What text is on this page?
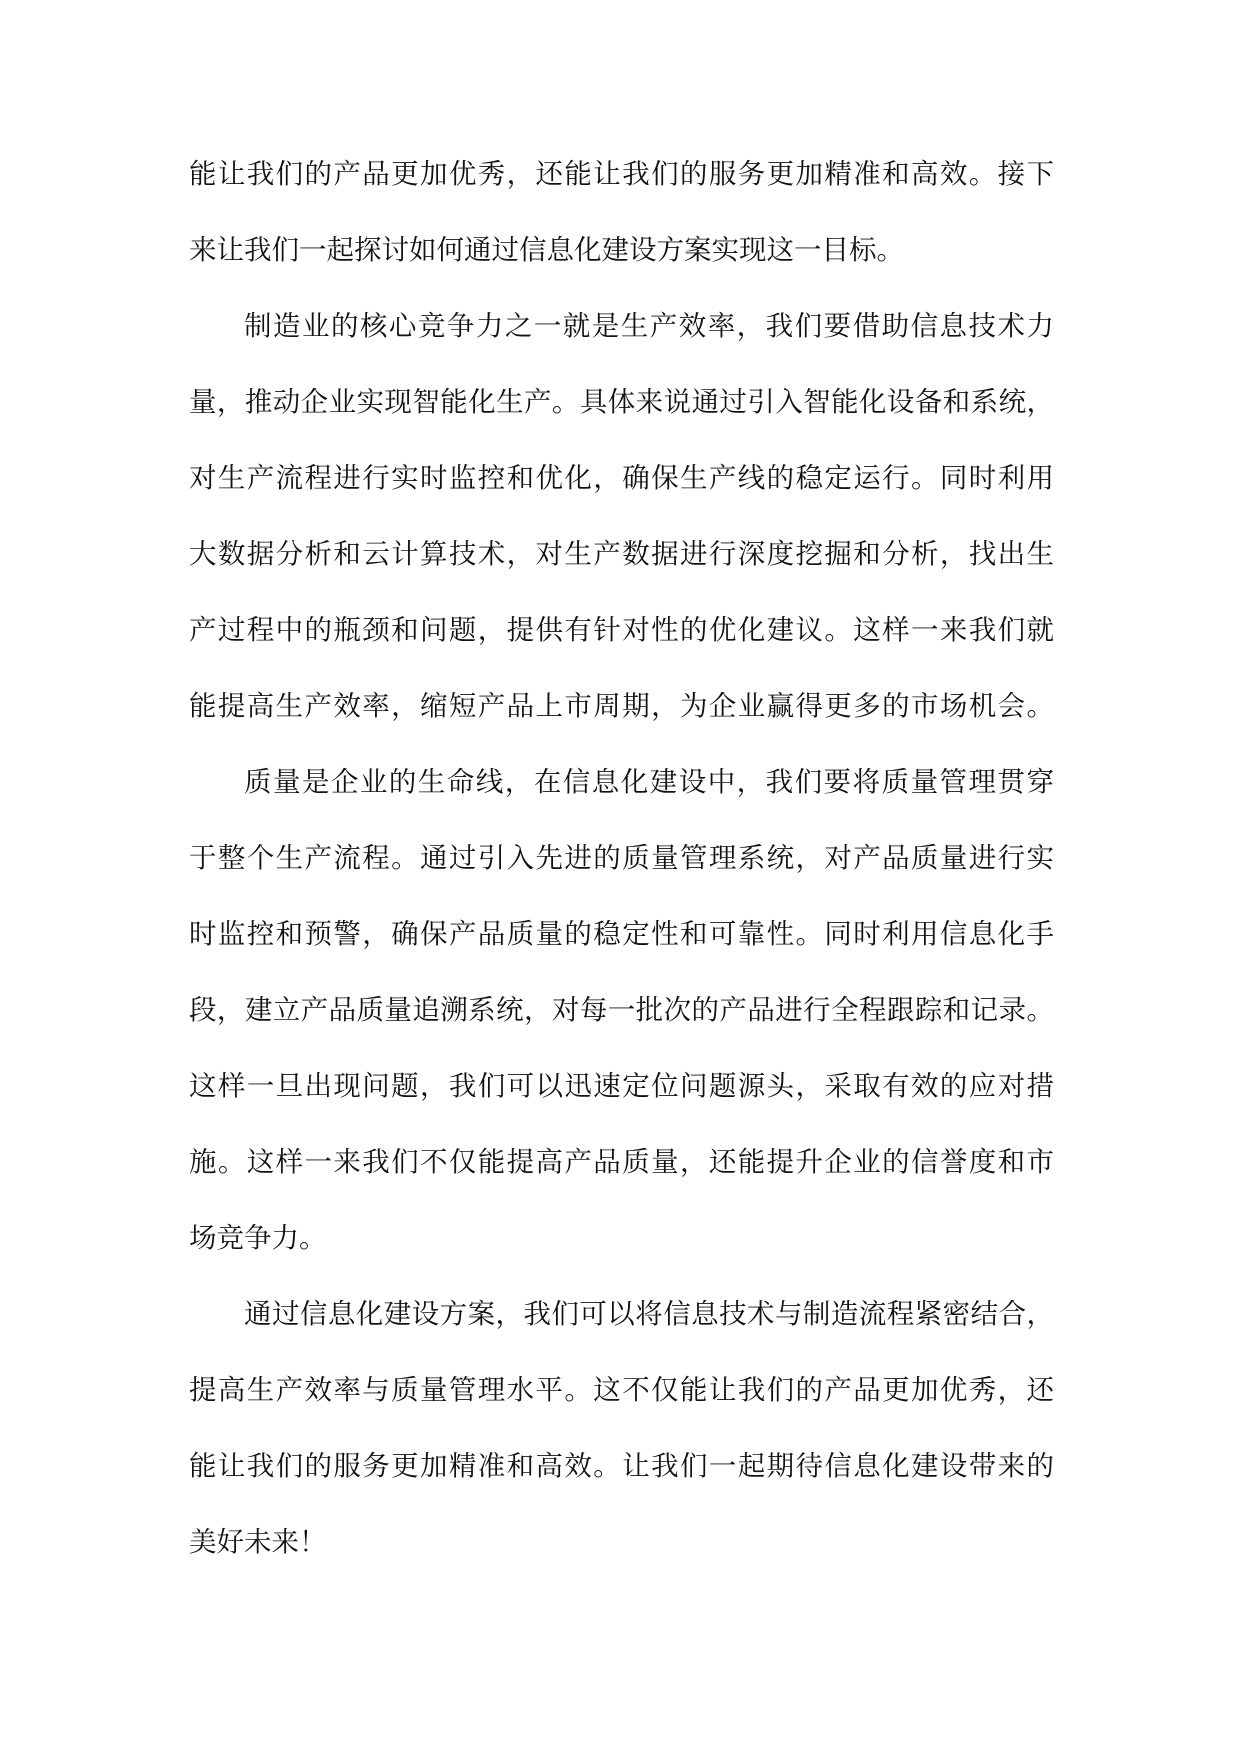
能让我们的产品更加优秀，还能让我们的服务更加精准和高效。接下
来让我们一起探讨如何通过信息化建设方案实现这一目标。
制造业的核心竞争力之一就是生产效率，我们要借助信息技术力
量，推动企业实现智能化生产。具体来说通过引入智能化设备和系统，
对生产流程进行实时监控和优化，确保生产线的稳定运行。同时利用
大数据分析和云计算技术，对生产数据进行深度挖掘和分析，找出生
产过程中的瓶颈和问题，提供有针对性的优化建议。这样一来我们就
能提高生产效率，缩短产品上市周期，为企业赢得更多的市场机会。
质量是企业的生命线，在信息化建设中，我们要将质量管理贯穿
于整个生产流程。通过引入先进的质量管理系统，对产品质量进行实
时监控和预警，确保产品质量的稳定性和可靠性。同时利用信息化手
段，建立产品质量追溯系统，对每一批次的产品进行全程跟踪和记录。
这样一旦出现问题，我们可以迅速定位问题源头，采取有效的应对措
施。这样一来我们不仅能提高产品质量，还能提升企业的信誉度和市
场竞争力。
通过信息化建设方案，我们可以将信息技术与制造流程紧密结合，
提高生产效率与质量管理水平。这不仅能让我们的产品更加优秀，还
能让我们的服务更加精准和高效。让我们一起期待信息化建设带来的
美好未来！
